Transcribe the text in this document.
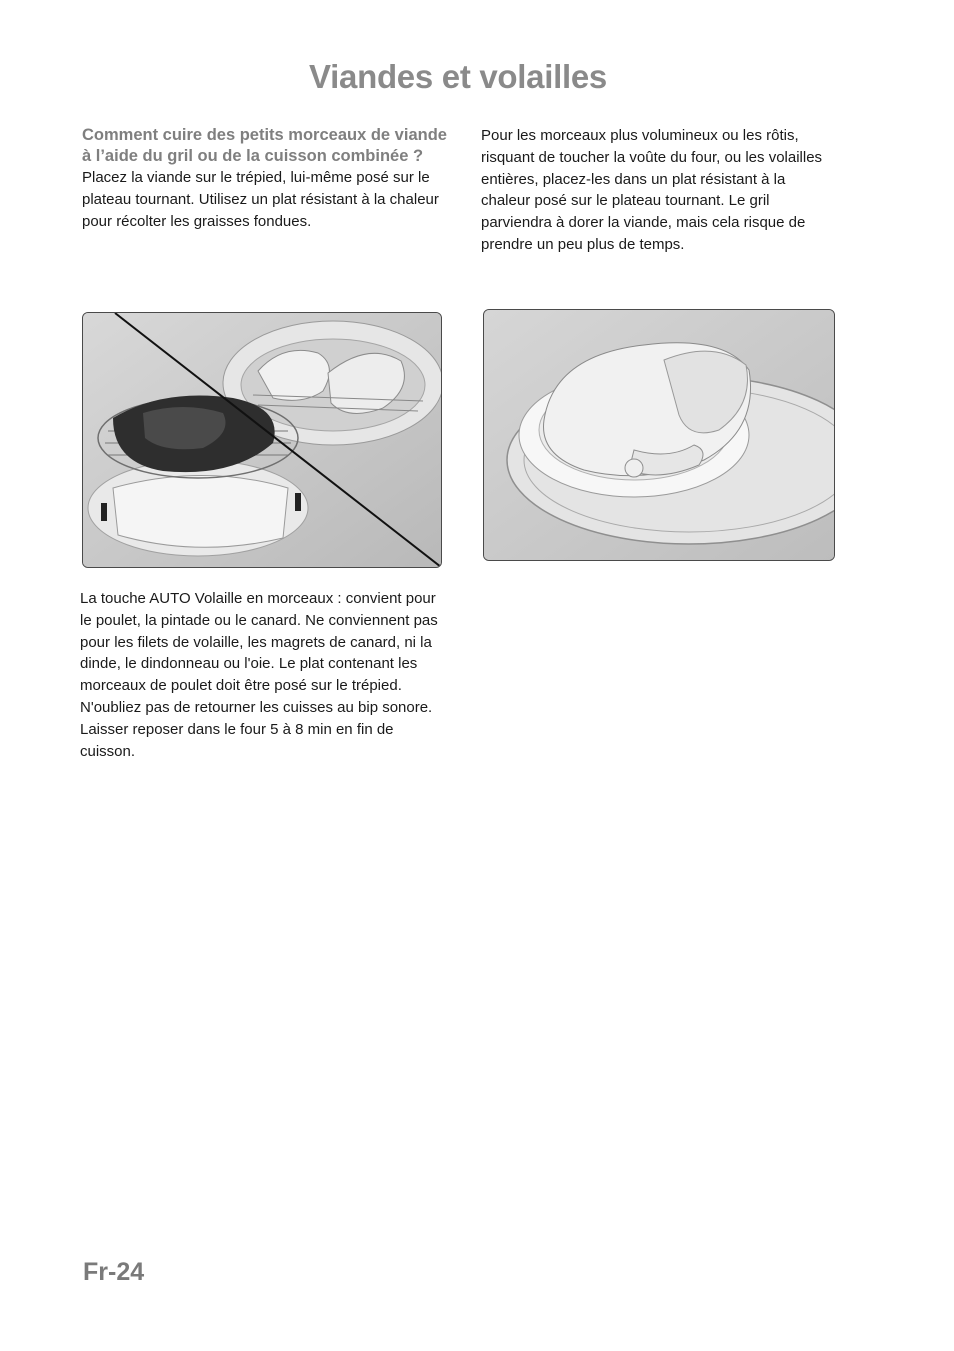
Viandes et volailles

Comment cuire des petits morceaux de viande à l’aide du gril ou de la cuisson combinée ?

Placez la viande sur le trépied, lui-même posé sur le plateau tournant. Utilisez un plat résistant à la chaleur pour récolter les graisses fondues.

Pour les morceaux plus volumineux ou les rôtis, risquant de toucher la voûte du four, ou les volailles entières, placez-les dans un plat résistant à la chaleur posé sur le plateau tournant. Le gril parviendra à dorer la viande, mais cela risque de prendre un peu plus de temps.

La touche AUTO Volaille en morceaux : convient pour le poulet, la pintade ou le canard. Ne conviennent pas pour les filets de volaille, les magrets de canard, ni la dinde, le dindonneau ou l'oie. Le plat contenant les morceaux de poulet doit être posé sur le trépied. N'oubliez pas de retourner les cuisses au bip sonore. Laisser reposer dans le four 5 à 8 min en fin de cuisson.

Fr-24
